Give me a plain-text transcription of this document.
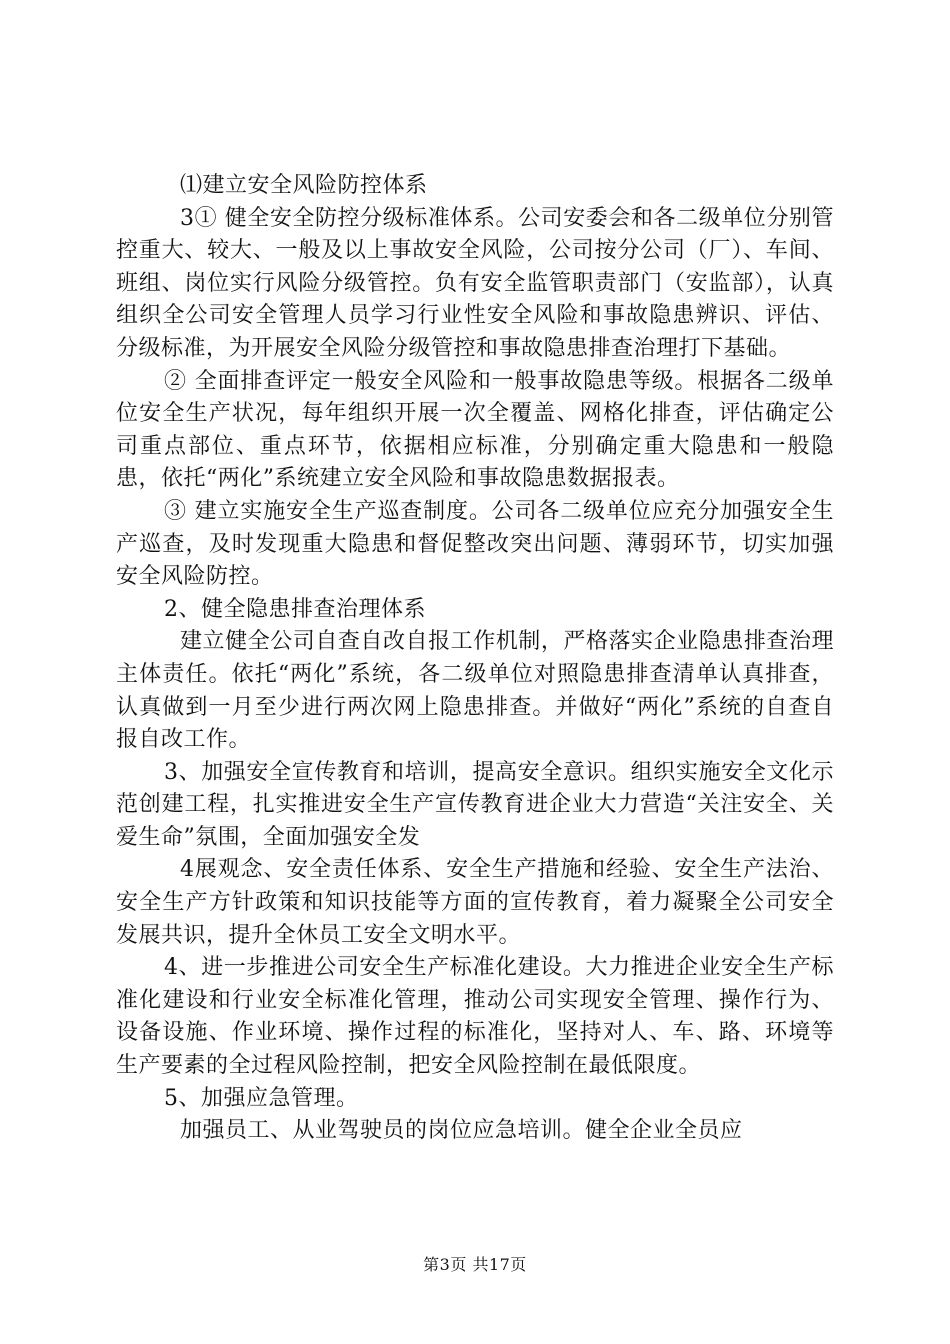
⑴建立安全风险防控体系

3① 健全安全防控分级标准体系。公司安委会和各二级单位分别管控重大、较大、一般及以上事故安全风险，公司按分公司（厂）、车间、班组、岗位实行风险分级管控。负有安全监管职责部门（安监部），认真组织全公司安全管理人员学习行业性安全风险和事故隐患辨识、评估、分级标准，为开展安全风险分级管控和事故隐患排查治理打下基础。

② 全面排查评定一般安全风险和一般事故隐患等级。根据各二级单位安全生产状况，每年组织开展一次全覆盖、网格化排查，评估确定公司重点部位、重点环节，依据相应标准，分别确定重大隐患和一般隐患，依托“两化”系统建立安全风险和事故隐患数据报表。

③ 建立实施安全生产巡查制度。公司各二级单位应充分加强安全生产巡查，及时发现重大隐患和督促整改突出问题、薄弱环节，切实加强安全风险防控。

2、健全隐患排查治理体系

建立健全公司自查自改自报工作机制，严格落实企业隐患排查治理主体责任。依托“两化”系统，各二级单位对照隐患排查清单认真排查，认真做到一月至少进行两次网上隐患排查。并做好“两化”系统的自查自报自改工作。

3、加强安全宣传教育和培训，提高安全意识。组织实施安全文化示范创建工程，扎实推进安全生产宣传教育进企业大力营造“关注安全、关爱生命”氛围，全面加强安全发

4展观念、安全责任体系、安全生产措施和经验、安全生产法治、安全生产方针政策和知识技能等方面的宣传教育，着力凝聚全公司安全发展共识，提升全休员工安全文明水平。

4、进一步推进公司安全生产标准化建设。大力推进企业安全生产标准化建设和行业安全标准化管理，推动公司实现安全管理、操作行为、设备设施、作业环境、操作过程的标准化，坚持对人、车、路、环境等生产要素的全过程风险控制，把安全风险控制在最低限度。

5、加强应急管理。

加强员工、从业驾驶员的岗位应急培训。健全企业全员应

第3页 共17页
